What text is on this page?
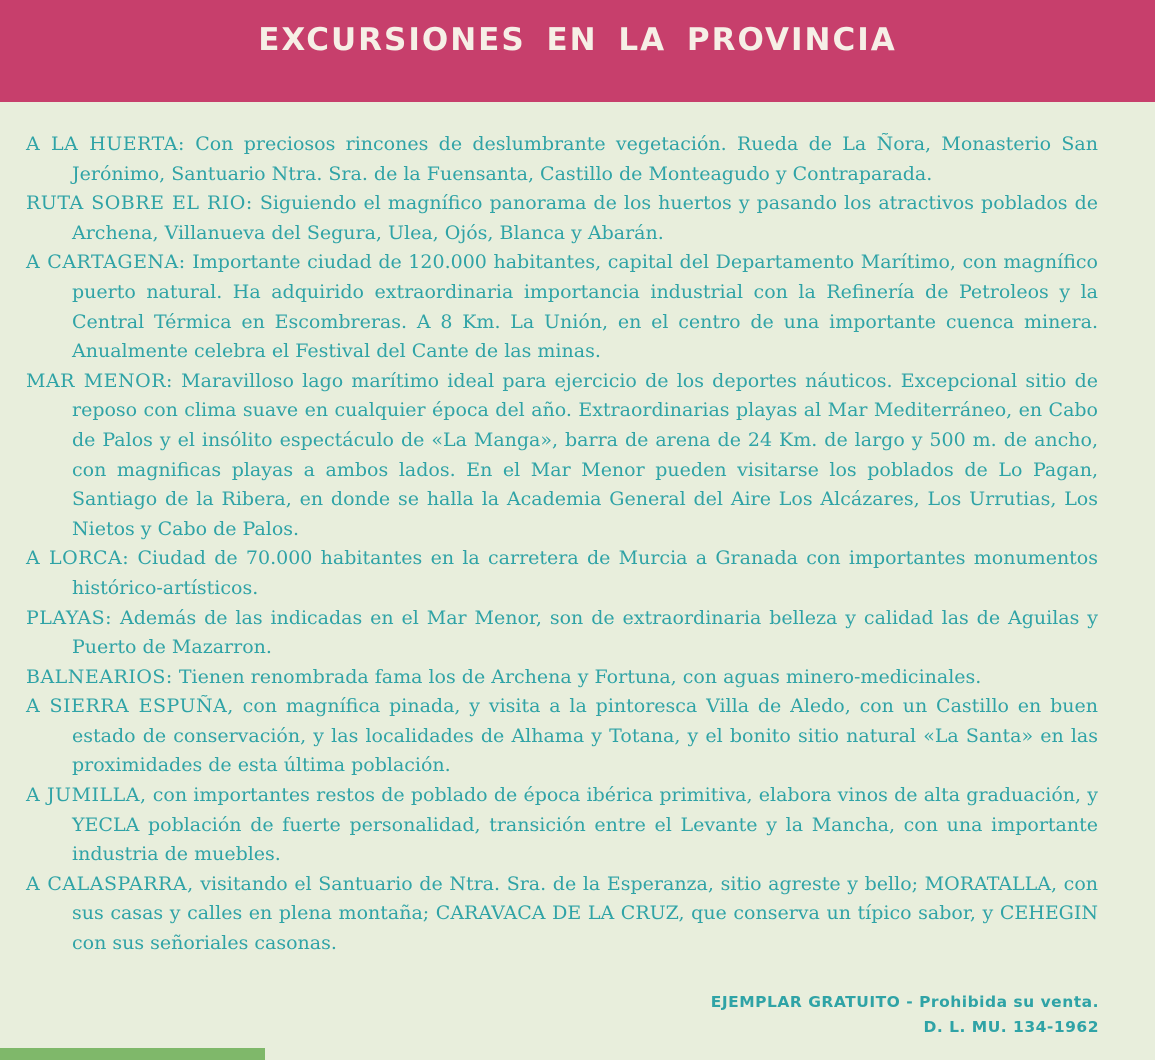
EXCURSIONES EN LA PROVINCIA

A LA HUERTA: Con preciosos rincones de deslumbrante vegetación. Rueda de La Ñora, Monasterio San Jerónimo, Santuario Ntra. Sra. de la Fuensanta, Castillo de Monteagudo y Contraparada.

RUTA SOBRE EL RIO: Siguiendo el magnífico panorama de los huertos y pasando los atractivos poblados de Archena, Villanueva del Segura, Ulea, Ojós, Blanca y Abarán.

A CARTAGENA: Importante ciudad de 120.000 habitantes, capital del Departamento Marítimo, con magnífico puerto natural. Ha adquirido extraordinaria importancia industrial con la Refinería de Petroleos y la Central Térmica en Escombreras. A 8 Km. La Unión, en el centro de una importante cuenca minera. Anualmente celebra el Festival del Cante de las minas.

MAR MENOR: Maravilloso lago marítimo ideal para ejercicio de los deportes náuticos. Excepcional sitio de reposo con clima suave en cualquier época del año. Extraordinarias playas al Mar Mediterráneo, en Cabo de Palos y el insólito espectáculo de «La Manga», barra de arena de 24 Km. de largo y 500 m. de ancho, con magnificas playas a ambos lados. En el Mar Menor pueden visitarse los poblados de Lo Pagan, Santiago de la Ribera, en donde se halla la Academia General del Aire Los Alcázares, Los Urrutias, Los Nietos y Cabo de Palos.

A LORCA: Ciudad de 70.000 habitantes en la carretera de Murcia a Granada con importantes monumentos histórico-artísticos.

PLAYAS: Además de las indicadas en el Mar Menor, son de extraordinaria belleza y calidad las de Aguilas y Puerto de Mazarron.

BALNEARIOS: Tienen renombrada fama los de Archena y Fortuna, con aguas minero-medicinales.

A SIERRA ESPUÑA, con magnífica pinada, y visita a la pintoresca Villa de Aledo, con un Castillo en buen estado de conservación, y las localidades de Alhama y Totana, y el bonito sitio natural «La Santa» en las proximidades de esta última población.

A JUMILLA, con importantes restos de poblado de época ibérica primitiva, elabora vinos de alta graduación, y YECLA población de fuerte personalidad, transición entre el Levante y la Mancha, con una importante industria de muebles.

A CALASPARRA, visitando el Santuario de Ntra. Sra. de la Esperanza, sitio agreste y bello; MORATALLA, con sus casas y calles en plena montaña; CARAVACA DE LA CRUZ, que conserva un típico sabor, y CEHEGIN con sus señoriales casonas.

EJEMPLAR GRATUITO - Prohibida su venta.
D. L. MU. 134-1962
